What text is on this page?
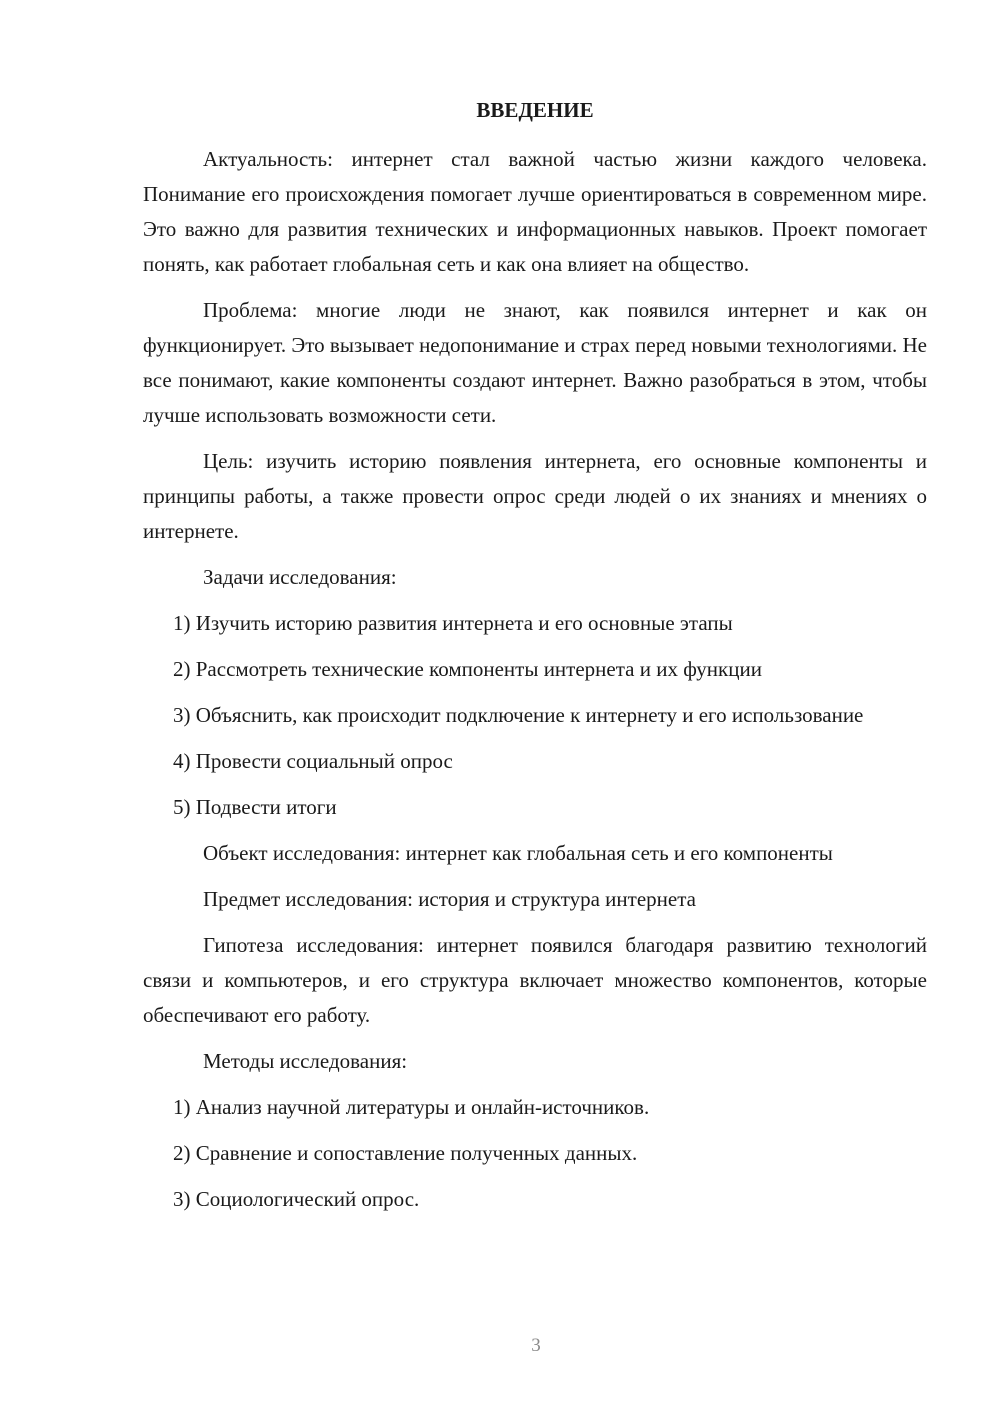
ВВЕДЕНИЕ

Актуальность: интернет стал важной частью жизни каждого человека. Понимание его происхождения помогает лучше ориентироваться в современном мире. Это важно для развития технических и информационных навыков. Проект помогает понять, как работает глобальная сеть и как она влияет на общество.

Проблема: многие люди не знают, как появился интернет и как он функционирует. Это вызывает недопонимание и страх перед новыми технологиями. Не все понимают, какие компоненты создают интернет. Важно разобраться в этом, чтобы лучше использовать возможности сети.

Цель: изучить историю появления интернета, его основные компоненты и принципы работы, а также провести опрос среди людей о их знаниях и мнениях о интернете.

Задачи исследования:

1) Изучить историю развития интернета и его основные этапы

2) Рассмотреть технические компоненты интернета и их функции

3) Объяснить, как происходит подключение к интернету и его использование

4) Провести социальный опрос

5) Подвести итоги

Объект исследования: интернет как глобальная сеть и его компоненты

Предмет исследования: история и структура интернета

Гипотеза исследования: интернет появился благодаря развитию технологий связи и компьютеров, и его структура включает множество компонентов, которые обеспечивают его работу.

Методы исследования:

1) Анализ научной литературы и онлайн-источников.

2) Сравнение и сопоставление полученных данных.

3) Социологический опрос.

3
